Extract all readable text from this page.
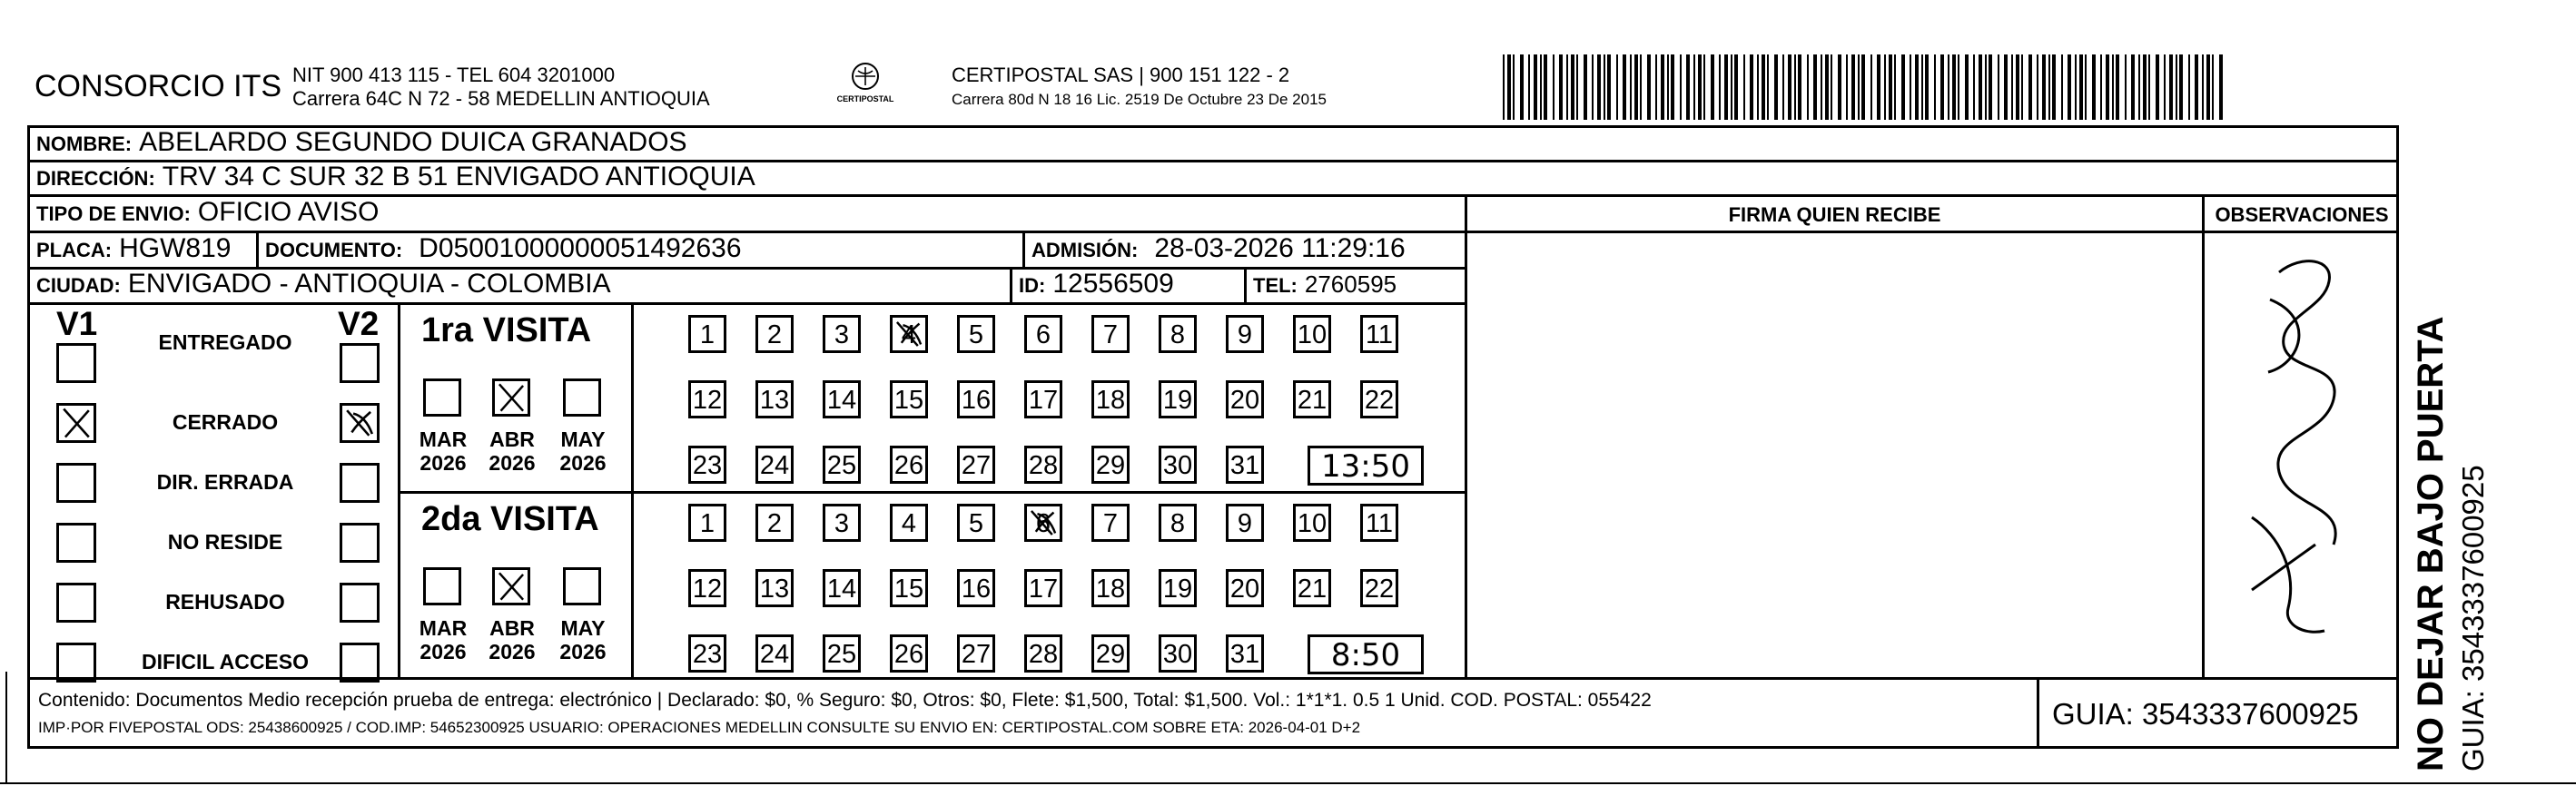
CONSORCIO ITS NIT 900 413 115 - TEL 604 3201000
Carrera 64C N 72 - 58 MEDELLIN ANTIOQUIA	CERTIPOSTAL
CERTIPOSTAL SAS | 900 151 122 - 2
Carrera 80d N 18 16 Lic. 2519 De Octubre 23 De 2015
NOMBRE: ABELARDO SEGUNDO DUICA GRANADOS
DIRECCIÓN: TRV 34 C SUR 32 B 51 ENVIGADO ANTIOQUIA
TIPO DE ENVIO: OFICIO AVISO
PLACA: HGW819 DOCUMENTO: D05001000000051492636	ADMISIÓN: 28-03-2026 11:29:16
CIUDAD: ENVIGADO - ANTIOQUIA - COLOMBIA	ID: 12556509	TEL: 2760595
FIRMA QUIEN RECIBE	OBSERVACIONES
NO DEJAR BAJO PUERTA GUIA: 3543337600925
V1	V2
ENTREGADO
CERRADO
DIR. ERRADA
NO RESIDE
REHUSADO
DIFICIL ACCESO
1ra VISITA
MAR
2026
ABR
2026
MAY
2026
1	2	3	4	5	6	7	8	9	10 11
12 13 14 15 16 17 18 19 20 21 22
23 24 25 26 27 28 29 30 31	13:50
2da VISITA
MAR
2026
ABR
2026
MAY
2026
1	2	3	4	5	6	7	8	9	10 11
12 13 14 15 16 17 18 19 20 21 22
23 24 25 26 27 28 29 30 31	8:50
Contenido: Documentos Medio recepción prueba de entrega: electrónico | Declarado: $0, % Seguro: $0, Otros: $0, Flete: $1,500, Total: $1,500. Vol.: 1*1*1. 0.5 1 Unid. COD. POSTAL: 055422
IMP·POR FIVEPOSTAL ODS: 25438600925 / COD.IMP: 54652300925 USUARIO: OPERACIONES MEDELLIN CONSULTE SU ENVIO EN: CERTIPOSTAL.COM SOBRE ETA: 2026-04-01 D+2	GUIA: 3543337600925
